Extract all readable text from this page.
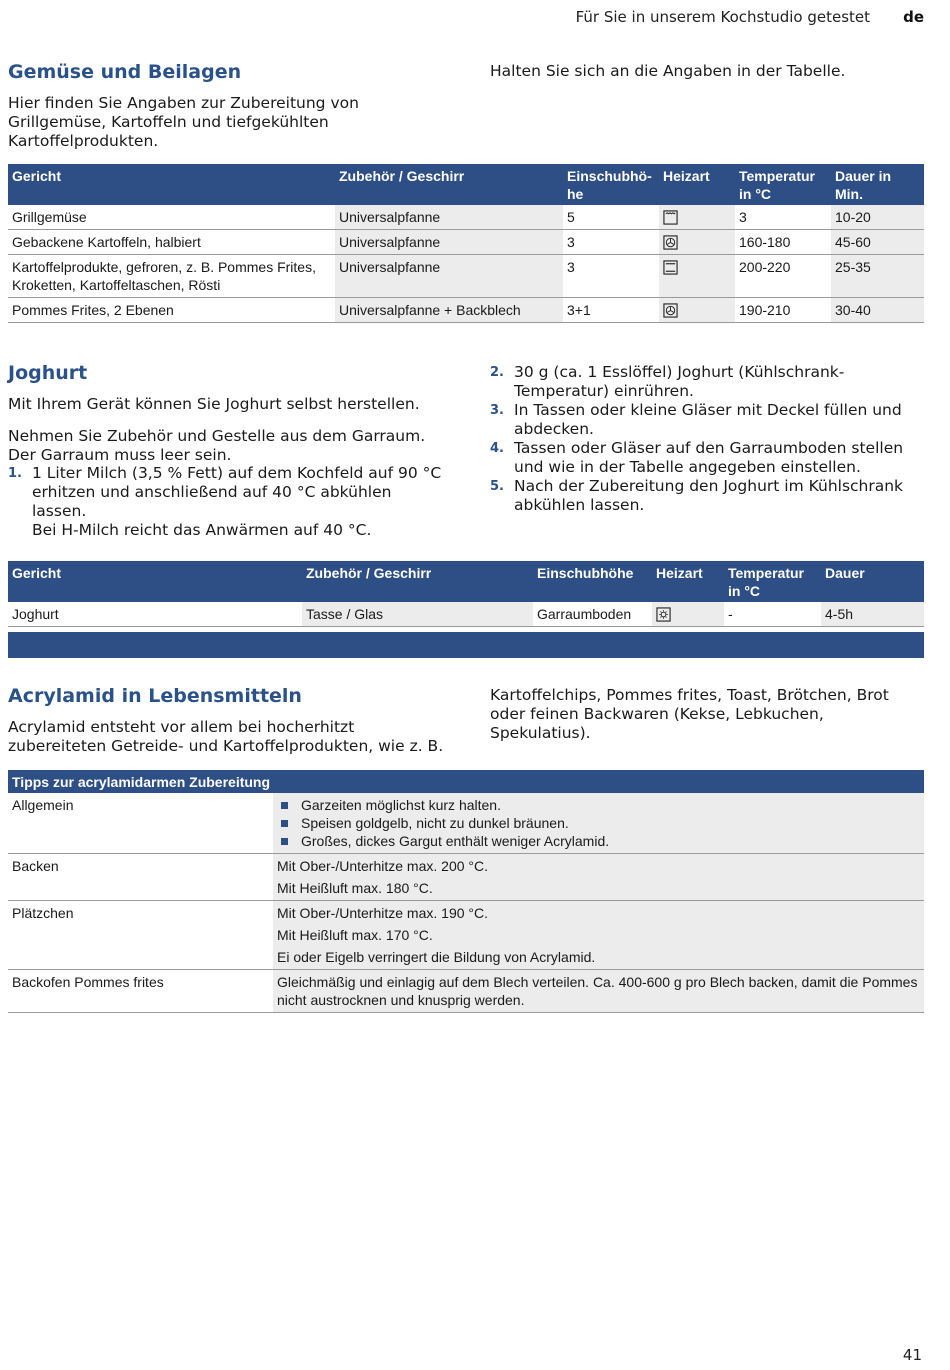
Für Sie in unserem Kochstudio getestet de
Gemüse und Beilagen

Hier finden Sie Angaben zur Zubereitung von Grillgemüse, Kartoffeln und tiefgekühlten Kartoffelprodukten.

Halten Sie sich an die Angaben in der Tabelle.

Gericht	Zubehör / Geschirr	Einschubhö-he	Heizart	Temperatur in °C	Dauer in Min.
Grillgemüse	Universalpfanne	5		3	10-20
Gebackene Kartoffeln, halbiert	Universalpfanne	3		160-180	45-60
Kartoffelprodukte, gefroren, z. B. Pommes Frites, Kroketten, Kartoffeltaschen, Rösti	Universalpfanne	3		200-220	25-35
Pommes Frites, 2 Ebenen	Universalpfanne + Backblech	3+1		190-210	30-40
Joghurt

Mit Ihrem Gerät können Sie Joghurt selbst herstellen.

Nehmen Sie Zubehör und Gestelle aus dem Garraum. Der Garraum muss leer sein.

1. 1 Liter Milch (3,5 % Fett) auf dem Kochfeld auf 90 °C erhitzen und anschließend auf 40 °C abkühlen lassen.
Bei H-Milch reicht das Anwärmen auf 40 °C.
2. 30 g (ca. 1 Esslöffel) Joghurt (Kühlschrank-Temperatur) einrühren.
3. In Tassen oder kleine Gläser mit Deckel füllen und abdecken.
4. Tassen oder Gläser auf den Garraumboden stellen und wie in der Tabelle angegeben einstellen.
5. Nach der Zubereitung den Joghurt im Kühlschrank abkühlen lassen.
Gericht	Zubehör / Geschirr	Einschubhöhe	Heizart	Temperatur in °C	Dauer
Joghurt	Tasse / Glas	Garraumboden		-	4-5h
Acrylamid in Lebensmitteln

Acrylamid entsteht vor allem bei hocherhitzt zubereiteten Getreide- und Kartoffelprodukten, wie z. B.

Kartoffelchips, Pommes frites, Toast, Brötchen, Brot oder feinen Backwaren (Kekse, Lebkuchen, Spekulatius).

Tipps zur acrylamidarmen Zubereitung	
Allgemein	Garzeiten möglichst kurz halten.
Speisen goldgelb, nicht zu dunkel bräunen.
Großes, dickes Gargut enthält weniger Acrylamid.

Backen	Mit Ober-/Unterhitze max. 200 °C.
Mit Heißluft max. 180 °C.

Plätzchen	Mit Ober-/Unterhitze max. 190 °C.
Mit Heißluft max. 170 °C.
Ei oder Eigelb verringert die Bildung von Acrylamid.

Backofen Pommes frites	Gleichmäßig und einlagig auf dem Blech verteilen. Ca. 400-600 g pro Blech backen, damit die Pommes nicht austrocknen und knusprig werden.
41
